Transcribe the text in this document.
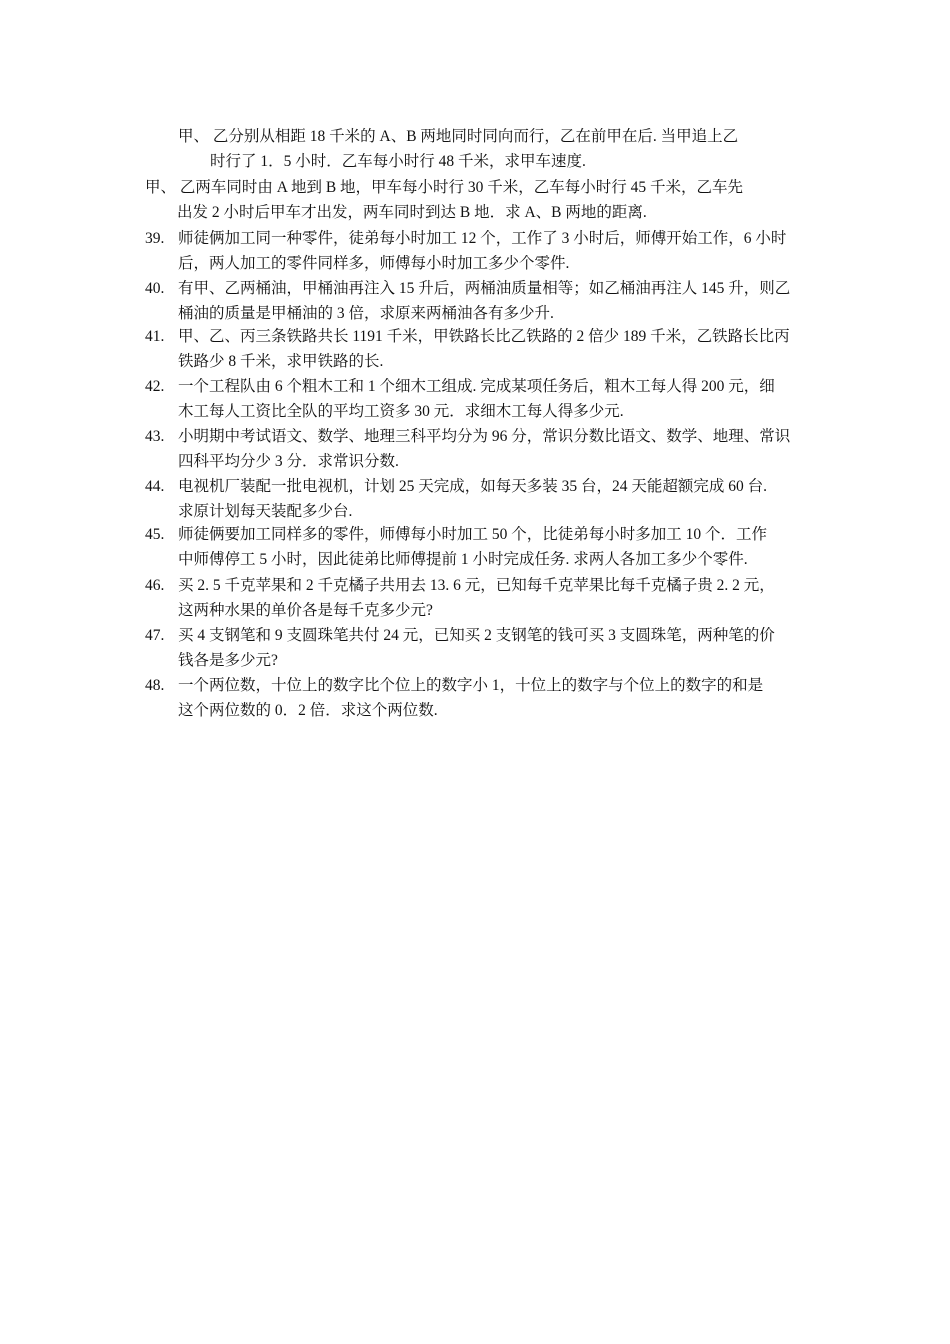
甲、 乙分别从相距 18 千米的 A、B 两地同时同向而行，乙在前甲在后. 当甲追上乙
时行了 1．5 小时．乙车每小时行 48 千米，求甲车速度.
甲、 乙两车同时由 A 地到 B 地，甲车每小时行 30 千米，乙车每小时行 45 千米，乙车先
出发 2 小时后甲车才出发，两车同时到达 B 地．求 A、B 两地的距离.
39. 师徒俩加工同一种零件，徒弟每小时加工 12 个，工作了 3 小时后，师傅开始工作，6 小时
后，两人加工的零件同样多，师傅每小时加工多少个零件.
40. 有甲、乙两桶油，甲桶油再注入 15 升后，两桶油质量相等；如乙桶油再注人 145 升，则乙
桶油的质量是甲桶油的 3 倍，求原来两桶油各有多少升.
41. 甲、乙、丙三条铁路共长 1191 千米，甲铁路长比乙铁路的 2 倍少 189 千米，乙铁路长比丙
铁路少 8 千米，求甲铁路的长.
42. 一个工程队由 6 个粗木工和 1 个细木工组成. 完成某项任务后，粗木工每人得 200 元，细
木工每人工资比全队的平均工资多 30 元．求细木工每人得多少元.
43. 小明期中考试语文、数学、地理三科平均分为 96 分，常识分数比语文、数学、地理、常识
四科平均分少 3 分．求常识分数.
44. 电视机厂装配一批电视机，计划 25 天完成，如每天多装 35 台，24 天能超额完成 60 台.
求原计划每天装配多少台.
45. 师徒俩要加工同样多的零件，师傅每小时加工 50 个，比徒弟每小时多加工 10 个．工作
中师傅停工 5 小时，因此徒弟比师傅提前 1 小时完成任务. 求两人各加工多少个零件.
46. 买 2. 5 千克苹果和 2 千克橘子共用去 13. 6 元，已知每千克苹果比每千克橘子贵 2. 2 元，
这两种水果的单价各是每千克多少元?
47. 买 4 支钢笔和 9 支圆珠笔共付 24 元，已知买 2 支钢笔的钱可买 3 支圆珠笔，两种笔的价
钱各是多少元?
48. 一个两位数，十位上的数字比个位上的数字小 1，十位上的数字与个位上的数字的和是
这个两位数的 0．2 倍．求这个两位数.
